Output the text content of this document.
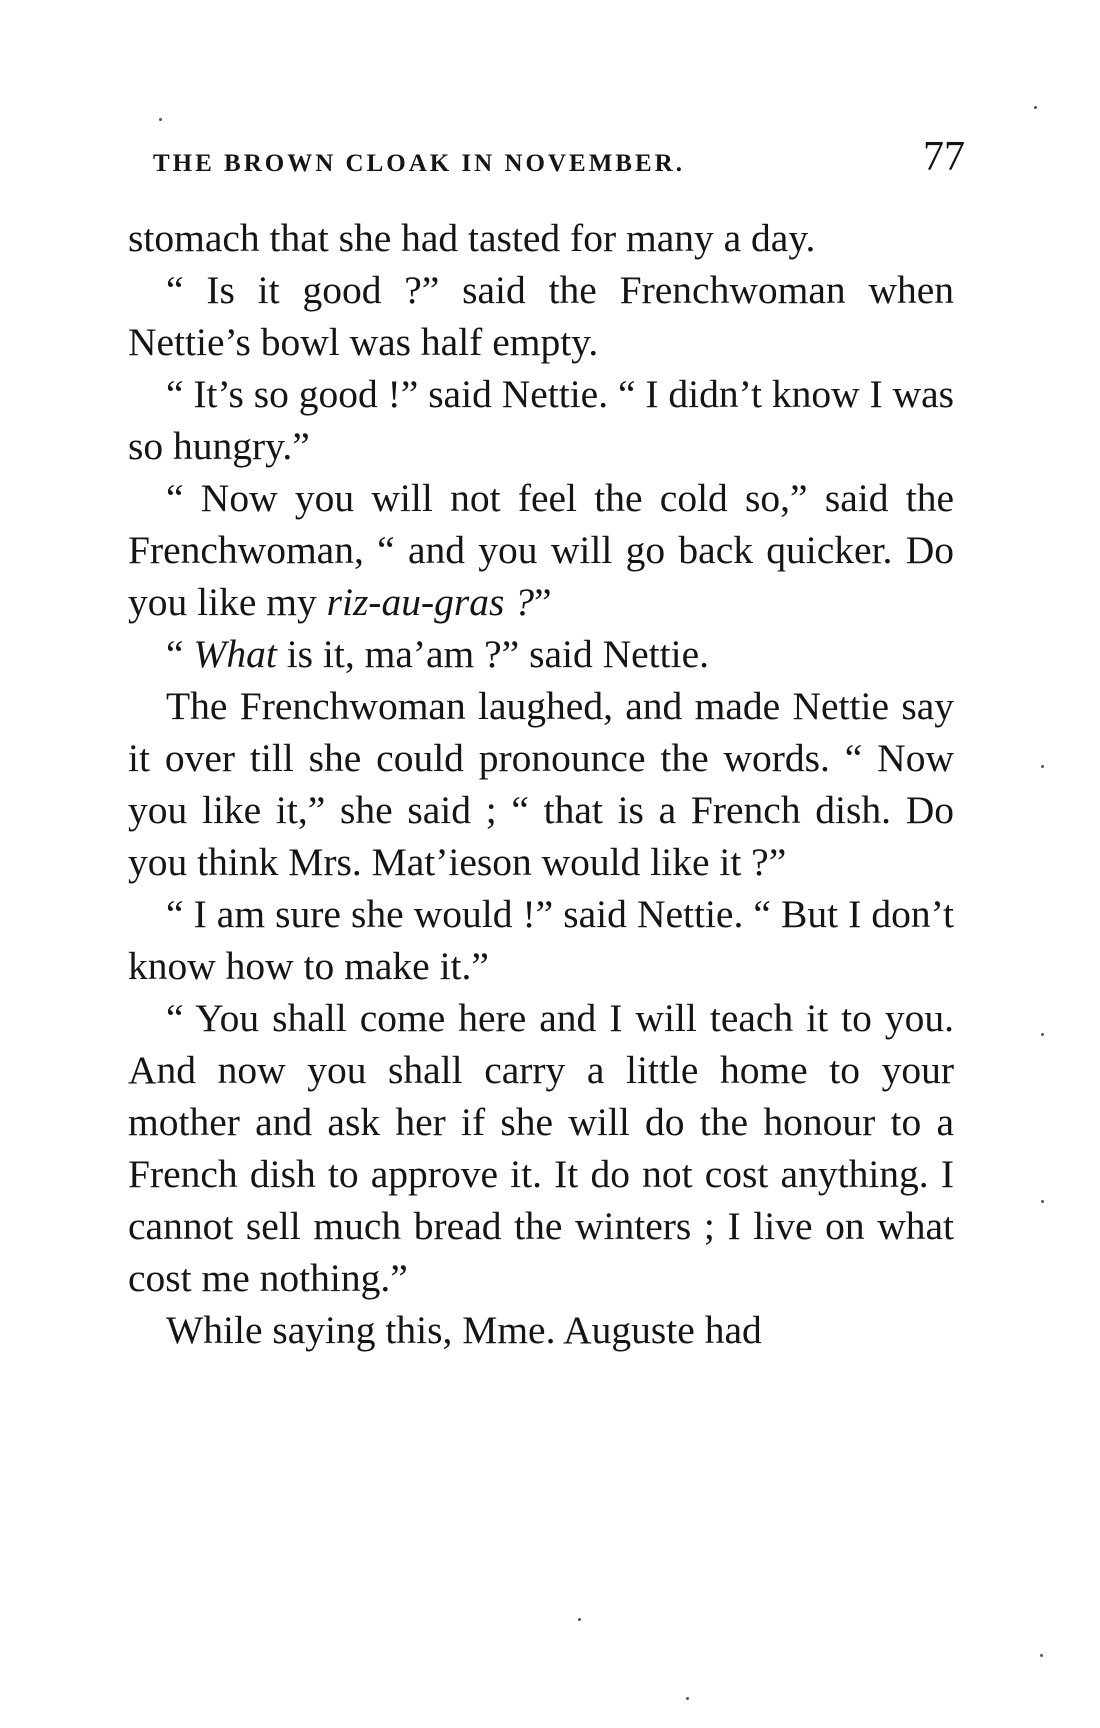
THE BROWN CLOAK IN NOVEMBER.	77

stomach that she had tasted for many a day.

“ Is it good ?” said the Frenchwoman when Nettie’s bowl was half empty.

“ It’s so good !” said Nettie. “ I didn’t know I was so hungry.”

“ Now you will not feel the cold so,” said the Frenchwoman, “ and you will go back quicker. Do you like my riz-au-gras ?”

“ What is it, ma’am ?” said Nettie.

The Frenchwoman laughed, and made Nettie say it over till she could pronounce the words. “ Now you like it,” she said ; “ that is a French dish. Do you think Mrs. Mat’ieson would like it ?”

“ I am sure she would !” said Nettie. “ But I don’t know how to make it.”

“ You shall come here and I will teach it to you. And now you shall carry a little home to your mother and ask her if she will do the honour to a French dish to approve it. It do not cost anything. I cannot sell much bread the winters ; I live on what cost me nothing.”

While saying this, Mme. Auguste had
